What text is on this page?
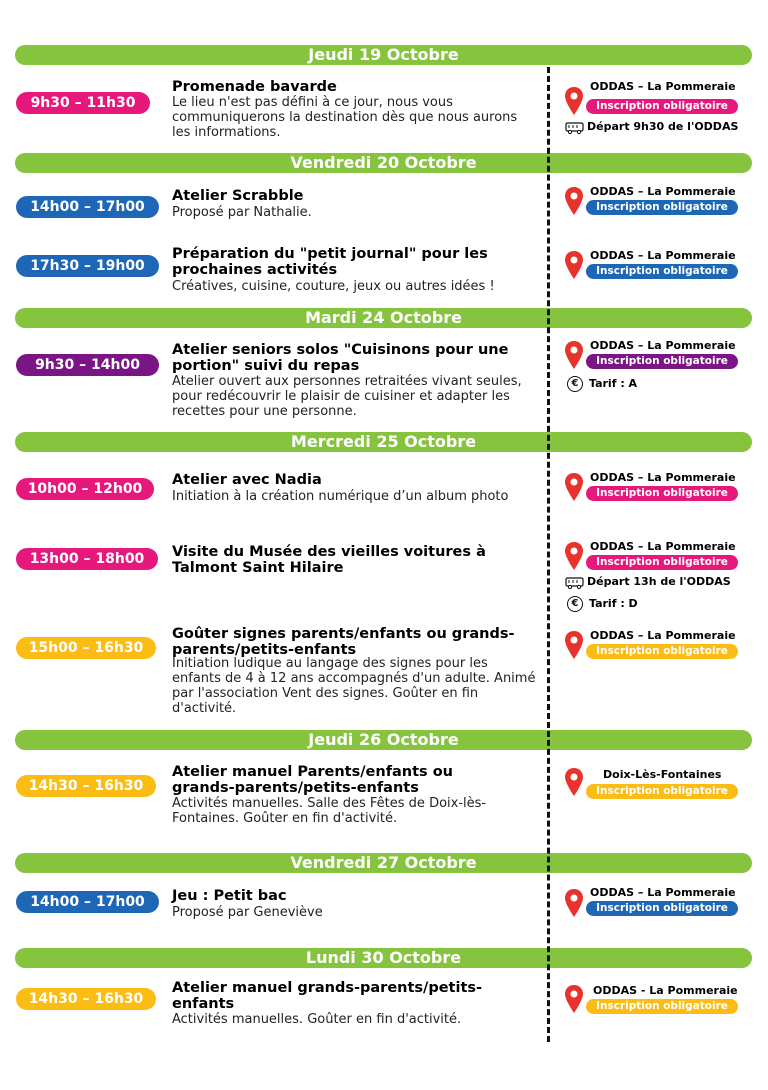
Jeudi 19 Octobre
Vendredi 20 Octobre
Mardi 24 Octobre
Mercredi 25 Octobre
Jeudi 26 Octobre
Vendredi 27 Octobre
Lundi 30 Octobre
9h30 – 11h30
Promenade bavarde
Le lieu n'est pas défini à ce jour, nous vous communiquerons la destination dès que nous aurons les informations.
ODDAS – La Pommeraie
Inscription obligatoire
Départ 9h30 de l'ODDAS
14h00 – 17h00
Atelier Scrabble
Proposé par Nathalie.
ODDAS – La Pommeraie
Inscription obligatoire
17h30 – 19h00
Préparation du "petit journal" pour les prochaines activités
Créatives, cuisine, couture, jeux ou autres idées !
ODDAS – La Pommeraie
Inscription obligatoire
9h30 – 14h00
Atelier seniors solos "Cuisinons pour une portion" suivi du repas
Atelier ouvert aux personnes retraitées vivant seules, pour redécouvrir le plaisir de cuisiner et adapter les recettes pour une personne.
ODDAS – La Pommeraie
Inscription obligatoire
€ Tarif : A
10h00 – 12h00
Atelier avec Nadia
Initiation à la création numérique d’un album photo
ODDAS – La Pommeraie
Inscription obligatoire
13h00 – 18h00	Visite du Musée des vieilles voitures à Talmont Saint Hilaire
ODDAS – La Pommeraie
Inscription obligatoire
Départ 13h de l'ODDAS
€ Tarif : D
15h00 – 16h30
Goûter signes parents/enfants ou grands-parents/petits-enfants
Initiation ludique au langage des signes pour les enfants de 4 à 12 ans accompagnés d'un adulte. Animé par l'association Vent des signes. Goûter en fin d'activité.
ODDAS – La Pommeraie
Inscription obligatoire
14h30 – 16h30
Atelier manuel Parents/enfants ou grands-parents/petits-enfants
Activités manuelles. Salle des Fêtes de Doix-lès-Fontaines. Goûter en fin d'activité.
Doix-Lès-Fontaines
Inscription obligatoire
14h00 – 17h00	Jeu : Petit bac
Proposé par Geneviève
ODDAS – La Pommeraie
Inscription obligatoire
14h30 – 16h30
Atelier manuel grands-parents/petits-enfants
Activités manuelles. Goûter en fin d'activité.
ODDAS - La Pommeraie
Inscription obligatoire
